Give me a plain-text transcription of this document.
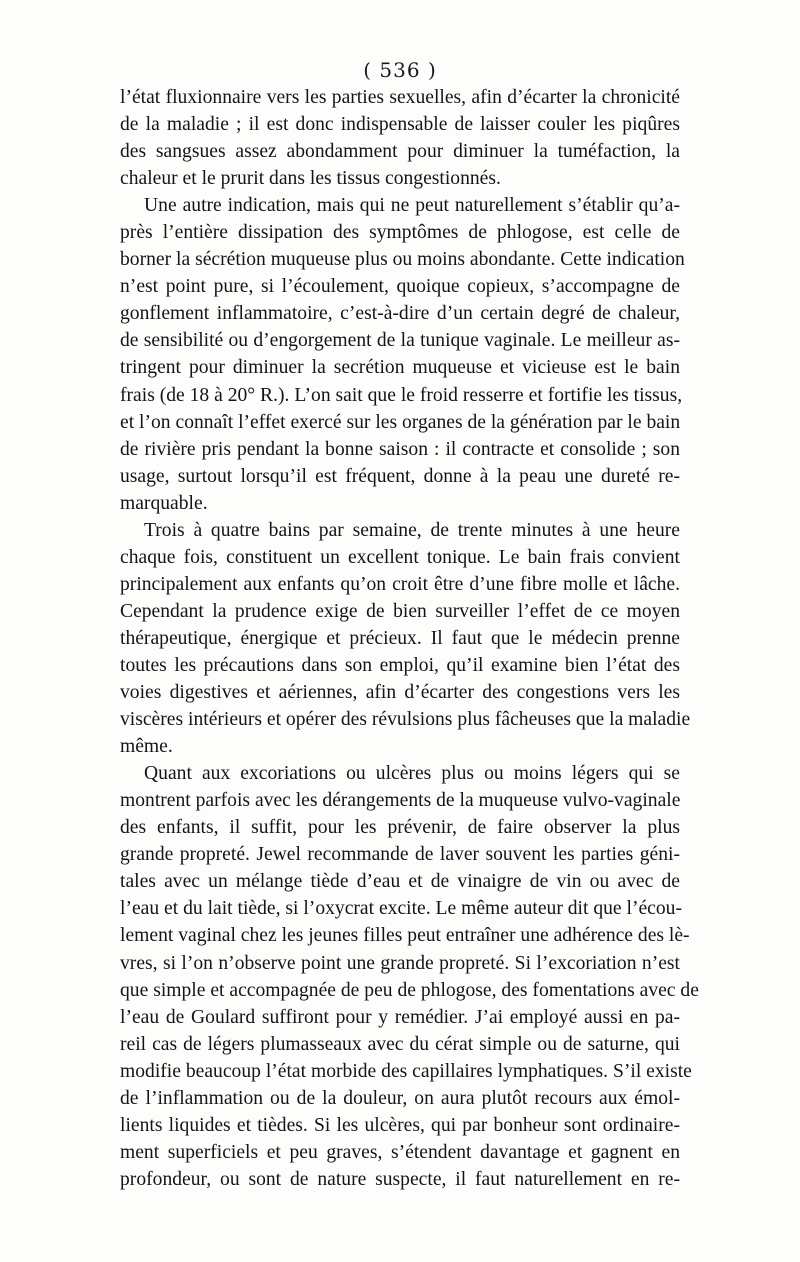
( 536 )
l’état fluxionnaire vers les parties sexuelles, afin d’écarter la chronicité
de la maladie ; il est donc indispensable de laisser couler les piqûres
des sangsues assez abondamment pour diminuer la tuméfaction, la
chaleur et le prurit dans les tissus congestionnés.
Une autre indication, mais qui ne peut naturellement s’établir qu’a-
près l’entière dissipation des symptômes de phlogose, est celle de
borner la sécrétion muqueuse plus ou moins abondante. Cette indication
n’est point pure, si l’écoulement, quoique copieux, s’accompagne de
gonflement inflammatoire, c’est-à-dire d’un certain degré de chaleur,
de sensibilité ou d’engorgement de la tunique vaginale. Le meilleur as-
tringent pour diminuer la secrétion muqueuse et vicieuse est le bain
frais (de 18 à 20° R.). L’on sait que le froid resserre et fortifie les tissus,
et l’on connaît l’effet exercé sur les organes de la génération par le bain
de rivière pris pendant la bonne saison : il contracte et consolide ; son
usage, surtout lorsqu’il est fréquent, donne à la peau une dureté re-
marquable.
Trois à quatre bains par semaine, de trente minutes à une heure
chaque fois, constituent un excellent tonique. Le bain frais convient
principalement aux enfants qu’on croit être d’une fibre molle et lâche.
Cependant la prudence exige de bien surveiller l’effet de ce moyen
thérapeutique, énergique et précieux. Il faut que le médecin prenne
toutes les précautions dans son emploi, qu’il examine bien l’état des
voies digestives et aériennes, afin d’écarter des congestions vers les
viscères intérieurs et opérer des révulsions plus fâcheuses que la maladie
même.
Quant aux excoriations ou ulcères plus ou moins légers qui se
montrent parfois avec les dérangements de la muqueuse vulvo-vaginale
des enfants, il suffit, pour les prévenir, de faire observer la plus
grande propreté. Jewel recommande de laver souvent les parties géni-
tales avec un mélange tiède d’eau et de vinaigre de vin ou avec de
l’eau et du lait tiède, si l’oxycrat excite. Le même auteur dit que l’écou-
lement vaginal chez les jeunes filles peut entraîner une adhérence des lè-
vres, si l’on n’observe point une grande propreté. Si l’excoriation n’est
que simple et accompagnée de peu de phlogose, des fomentations avec de
l’eau de Goulard suffiront pour y remédier. J’ai employé aussi en pa-
reil cas de légers plumasseaux avec du cérat simple ou de saturne, qui
modifie beaucoup l’état morbide des capillaires lymphatiques. S’il existe
de l’inflammation ou de la douleur, on aura plutôt recours aux émol-
lients liquides et tièdes. Si les ulcères, qui par bonheur sont ordinaire-
ment superficiels et peu graves, s’étendent davantage et gagnent en
profondeur, ou sont de nature suspecte, il faut naturellement en re-
